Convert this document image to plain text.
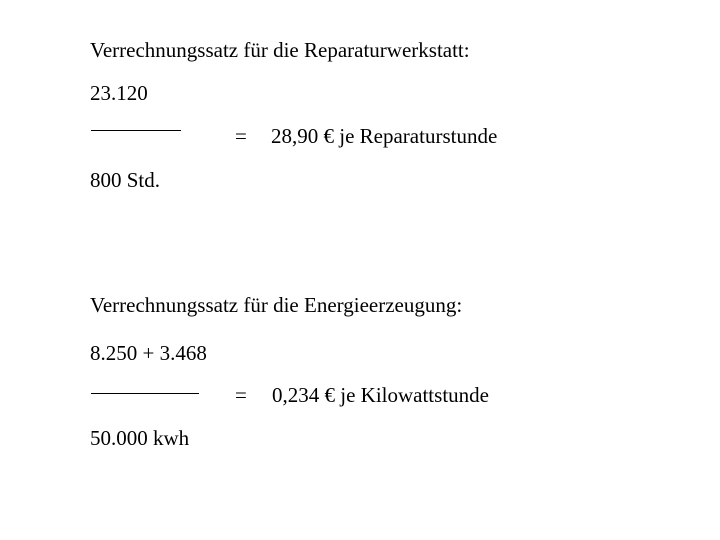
Verrechnungssatz für die Reparaturwerkstatt:
23.120
= 28,90 € je Reparaturstunde
800 Std.
Verrechnungssatz für die Energieerzeugung:
8.250 + 3.468
= 0,234 € je Kilowattstunde
50.000 kwh
